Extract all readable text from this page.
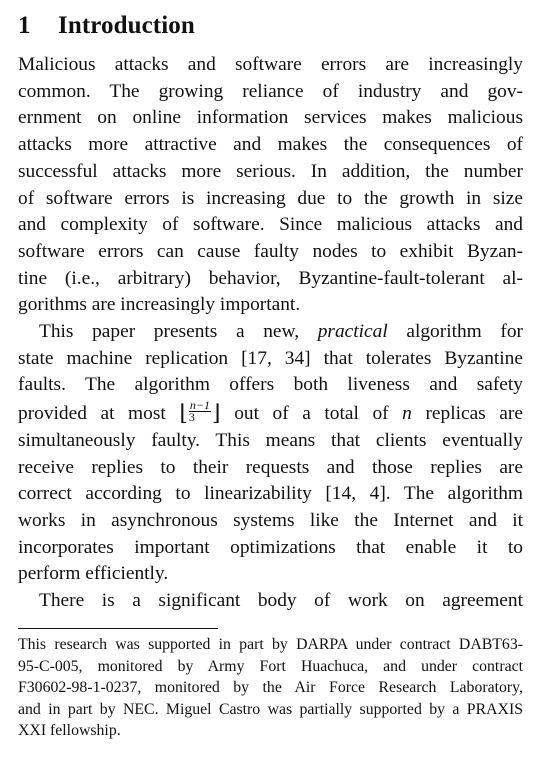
1 Introduction

Malicious attacks and software errors are increasingly
common. The growing reliance of industry and gov-
ernment on online information services makes malicious
attacks more attractive and makes the consequences of
successful attacks more serious. In addition, the number
of software errors is increasing due to the growth in size
and complexity of software. Since malicious attacks and
software errors can cause faulty nodes to exhibit Byzan-
tine (i.e., arbitrary) behavior, Byzantine-fault-tolerant al-
gorithms are increasingly important.

This paper presents a new, practical algorithm for
state machine replication [17, 34] that tolerates Byzantine
faults. The algorithm offers both liveness and safety
provided at most ⌊ $\frac{n-1}{3}$ ⌋ out of a total of n replicas are
simultaneously faulty. This means that clients eventually
receive replies to their requests and those replies are
correct according to linearizability [14, 4]. The algorithm
works in asynchronous systems like the Internet and it
incorporates important optimizations that enable it to
perform efficiently.

There is a significant body of work on agreement

This research was supported in part by DARPA under contract DABT63-
95-C-005, monitored by Army Fort Huachuca, and under contract
F30602-98-1-0237, monitored by the Air Force Research Laboratory,
and in part by NEC. Miguel Castro was partially supported by a PRAXIS
XXI fellowship.
